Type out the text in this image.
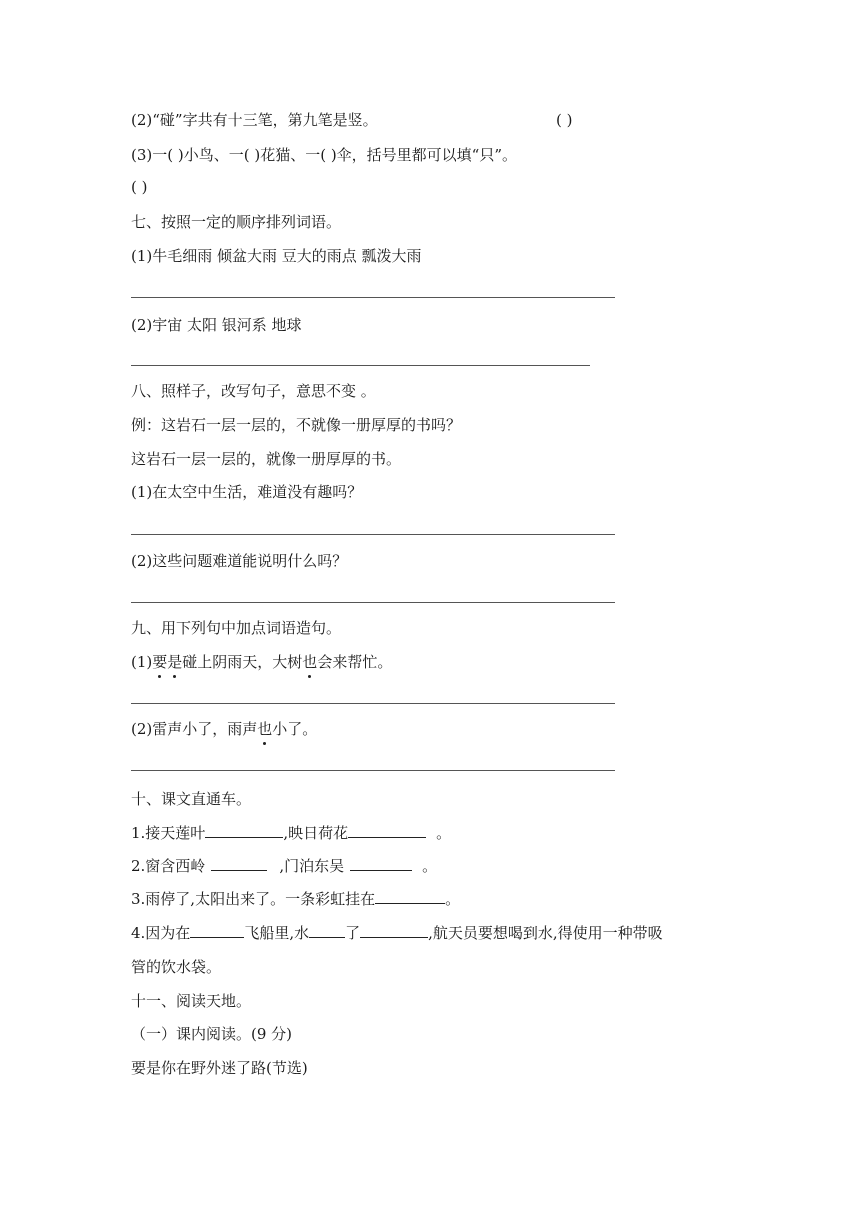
(2)“碰”字共有十三笔，第九笔是竖。	( )
(3)一( )小鸟、一( )花猫、一( )伞，括号里都可以填“只”。
( )
七、按照一定的顺序排列词语。
(1)牛毛细雨 倾盆大雨 豆大的雨点 瓢泼大雨
(2)宇宙 太阳 银河系 地球
八、照样子，改写句子，意思不变 。
例：这岩石一层一层的，不就像一册厚厚的书吗？
这岩石一层一层的，就像一册厚厚的书。
(1)在太空中生活，难道没有趣吗？
(2)这些问题难道能说明什么吗？
九、用下列句中加点词语造句。
(1)要是碰上阴雨天，大树也会来帮忙。
(2)雷声小了，雨声也小了。
十、课文直通车。
1.接天莲叶	,映日荷花	。
2.窗含西岭	,门泊东吴	。
3.雨停了,太阳出来了。一条彩虹挂在	。
4.因为在	飞船里,水 了	,航天员要想喝到水,得使用一种带吸
管的饮水袋。
十一、阅读天地。
（一）课内阅读。(9 分)
要是你在野外迷了路(节选)
